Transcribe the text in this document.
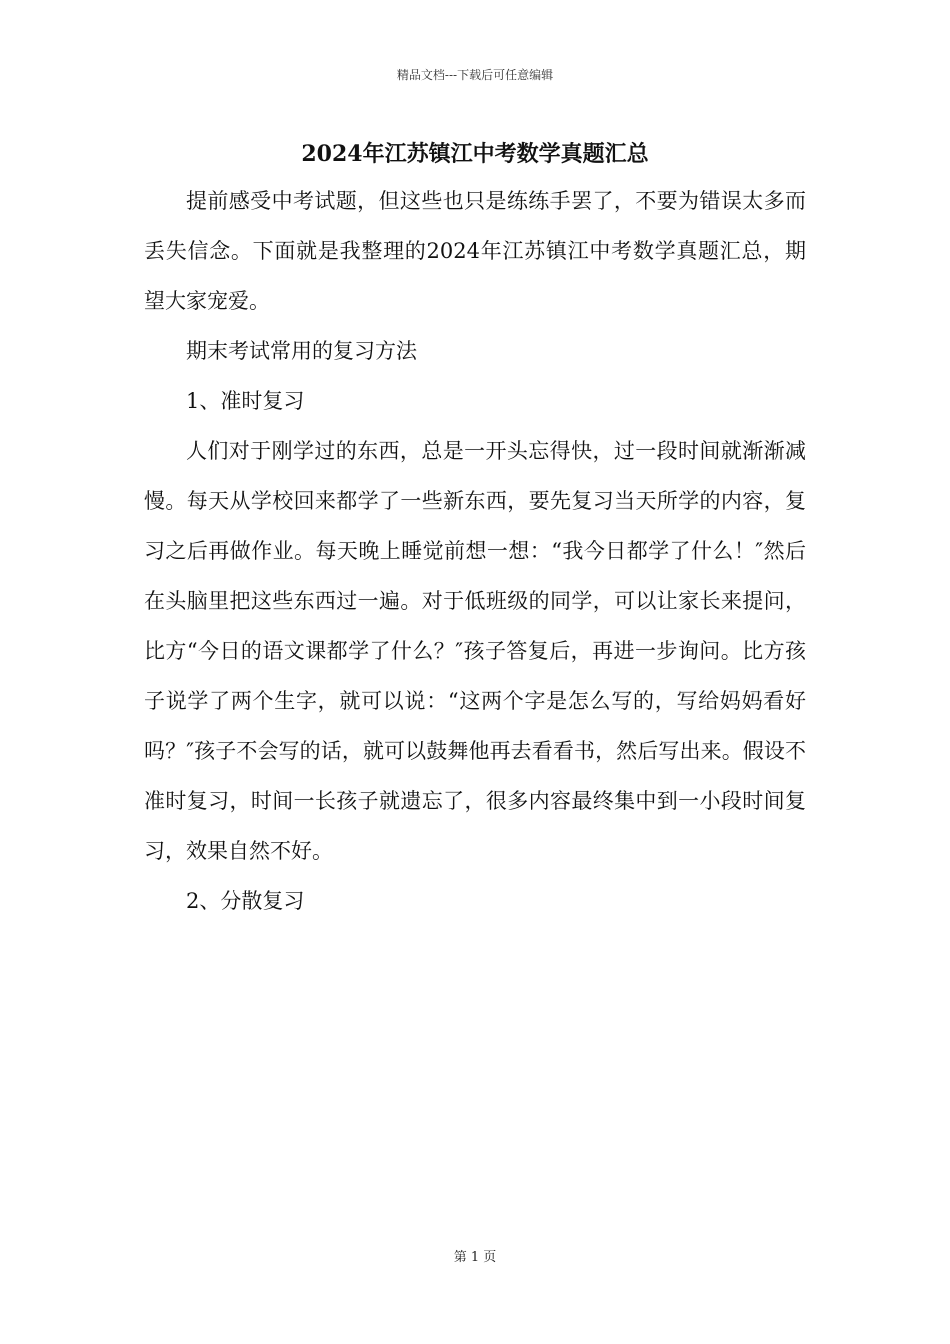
精品文档---下载后可任意编辑
2024年江苏镇江中考数学真题汇总

提前感受中考试题，但这些也只是练练手罢了，不要为错误太多而丢失信念。下面就是我整理的2024年江苏镇江中考数学真题汇总，期望大家宠爱。

期末考试常用的复习方法

1、准时复习

人们对于刚学过的东西，总是一开头忘得快，过一段时间就渐渐减慢。每天从学校回来都学了一些新东西，要先复习当天所学的内容，复习之后再做作业。每天晚上睡觉前想一想：“我今日都学了什么！″然后在头脑里把这些东西过一遍。对于低班级的同学，可以让家长来提问，比方“今日的语文课都学了什么？″孩子答复后，再进一步询问。比方孩子说学了两个生字，就可以说：“这两个字是怎么写的，写给妈妈看好吗？″孩子不会写的话，就可以鼓舞他再去看看书，然后写出来。假设不准时复习，时间一长孩子就遗忘了，很多内容最终集中到一小段时间复习，效果自然不好。

2、分散复习

第 1 页
